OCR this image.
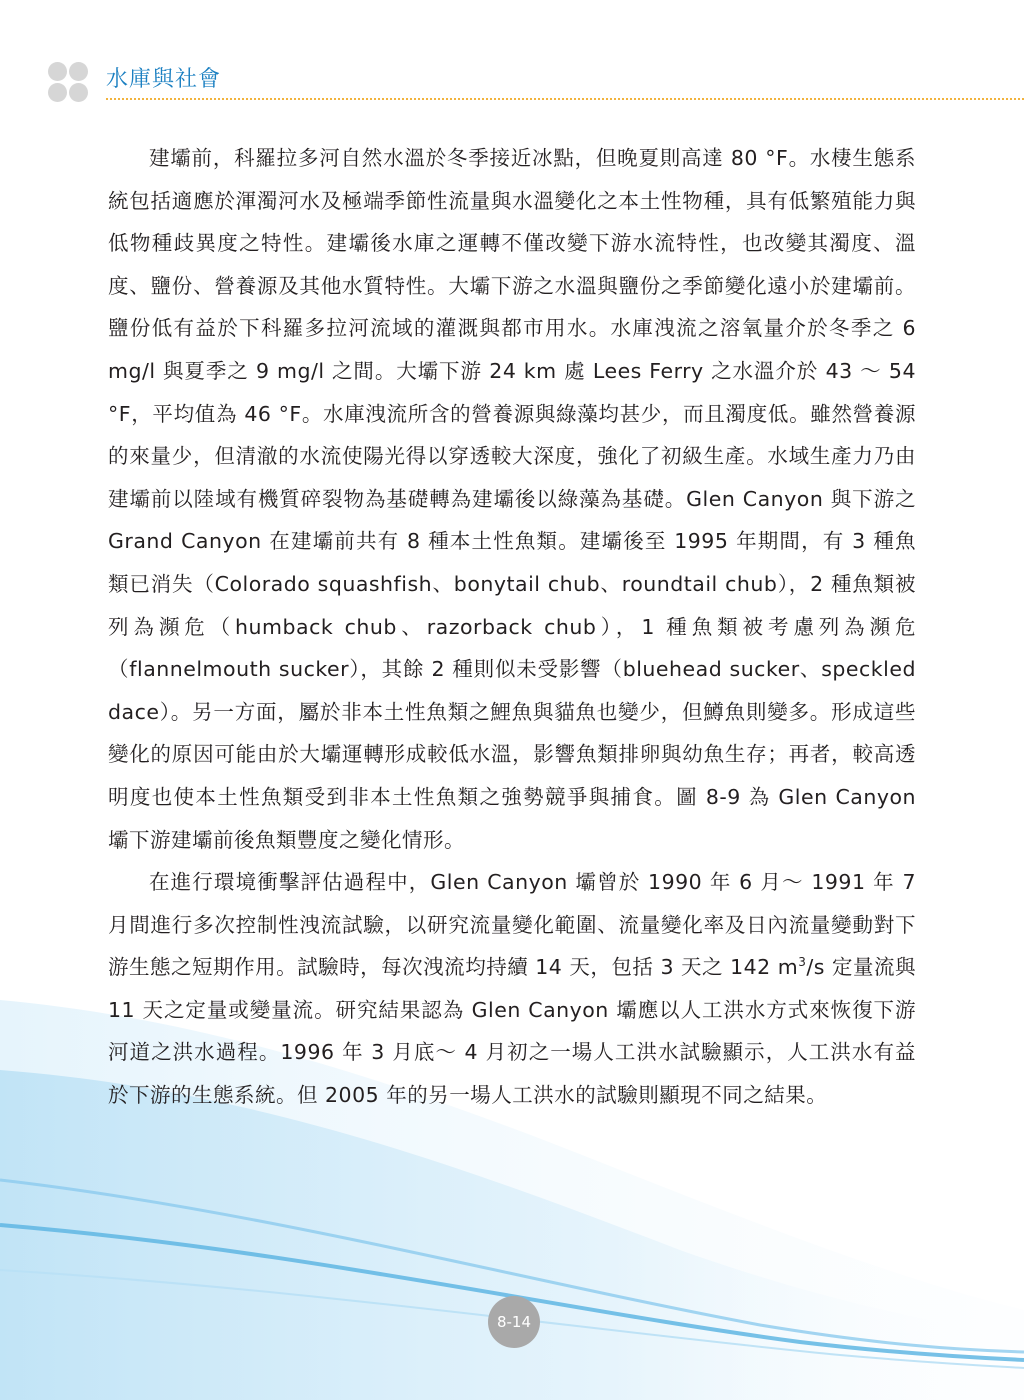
水庫與社會

建壩前，科羅拉多河自然水溫於冬季接近冰點，但晚夏則高達 80 °F。水棲生態系統包括適應於渾濁河水及極端季節性流量與水溫變化之本土性物種，具有低繁殖能力與低物種歧異度之特性。建壩後水庫之運轉不僅改變下游水流特性，也改變其濁度、溫度、鹽份、營養源及其他水質特性。大壩下游之水溫與鹽份之季節變化遠小於建壩前。鹽份低有益於下科羅多拉河流域的灌溉與都市用水。水庫洩流之溶氧量介於冬季之 6 mg/l 與夏季之 9 mg/l 之間。大壩下游 24 km 處 Lees Ferry 之水溫介於 43 ～ 54 °F，平均值為 46 °F。水庫洩流所含的營養源與綠藻均甚少，而且濁度低。雖然營養源的來量少，但清澈的水流使陽光得以穿透較大深度，強化了初級生產。水域生產力乃由建壩前以陸域有機質碎裂物為基礎轉為建壩後以綠藻為基礎。Glen Canyon 與下游之 Grand Canyon 在建壩前共有 8 種本土性魚類。建壩後至 1995 年期間，有 3 種魚類已消失（Colorado squashfish、bonytail chub、roundtail chub），2 種魚類被列為瀕危（humback chub、razorback chub），1 種魚類被考慮列為瀕危（flannelmouth sucker），其餘 2 種則似未受影響（bluehead sucker、speckled dace）。另一方面，屬於非本土性魚類之鯉魚與貓魚也變少，但鱒魚則變多。形成這些變化的原因可能由於大壩運轉形成較低水溫，影響魚類排卵與幼魚生存；再者，較高透明度也使本土性魚類受到非本土性魚類之強勢競爭與捕食。圖 8-9 為 Glen Canyon 壩下游建壩前後魚類豐度之變化情形。

在進行環境衝擊評估過程中，Glen Canyon 壩曾於 1990 年 6 月～ 1991 年 7 月間進行多次控制性洩流試驗，以研究流量變化範圍、流量變化率及日內流量變動對下游生態之短期作用。試驗時，每次洩流均持續 14 天，包括 3 天之 142 $m^3/s$ 定量流與 11 天之定量或變量流。研究結果認為 Glen Canyon 壩應以人工洪水方式來恢復下游河道之洪水過程。1996 年 3 月底～ 4 月初之一場人工洪水試驗顯示，人工洪水有益於下游的生態系統。但 2005 年的另一場人工洪水的試驗則顯現不同之結果。

8-14
